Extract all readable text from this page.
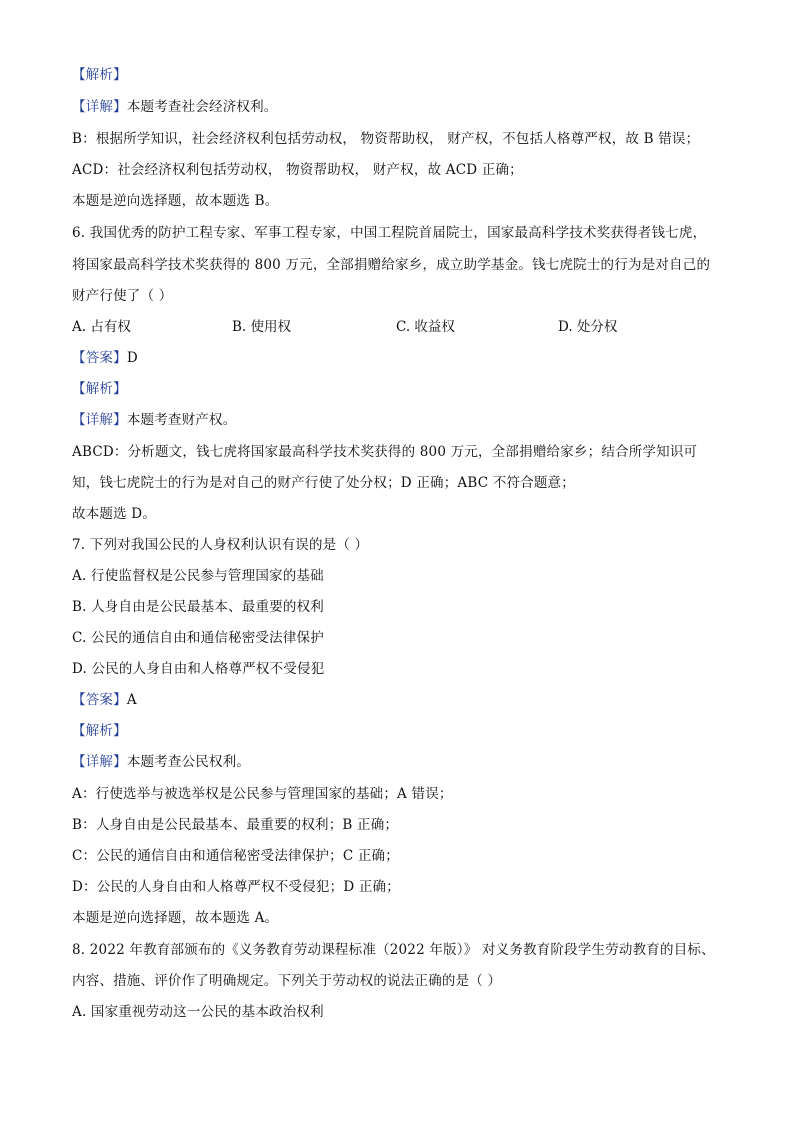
【解析】
【详解】本题考查社会经济权利。
B：根据所学知识，社会经济权利包括劳动权， 物资帮助权， 财产权，不包括人格尊严权，故 B 错误；
ACD：社会经济权利包括劳动权， 物资帮助权， 财产权，故 ACD 正确；
本题是逆向选择题，故本题选 B。
6. 我国优秀的防护工程专家、军事工程专家，中国工程院首届院士，国家最高科学技术奖获得者钱七虎，
将国家最高科学技术奖获得的 800 万元，全部捐赠给家乡，成立助学基金。钱七虎院士的行为是对自己的
财产行使了（ ）
A. 占有权	B. 使用权	C. 收益权	D. 处分权
【答案】D
【解析】
【详解】本题考查财产权。
ABCD：分析题文，钱七虎将国家最高科学技术奖获得的 800 万元，全部捐赠给家乡；结合所学知识可
知，钱七虎院士的行为是对自己的财产行使了处分权；D 正确；ABC 不符合题意；
故本题选 D。
7. 下列对我国公民的人身权利认识有误的是（ ）
A. 行使监督权是公民参与管理国家的基础
B. 人身自由是公民最基本、最重要的权利
C. 公民的通信自由和通信秘密受法律保护
D. 公民的人身自由和人格尊严权不受侵犯
【答案】A
【解析】
【详解】本题考查公民权利。
A：行使选举与被选举权是公民参与管理国家的基础；A 错误；
B：人身自由是公民最基本、最重要的权利；B 正确；
C：公民的通信自由和通信秘密受法律保护；C 正确；
D：公民的人身自由和人格尊严权不受侵犯；D 正确；
本题是逆向选择题，故本题选 A。
8. 2022 年教育部颁布的《义务教育劳动课程标准（2022 年版）》 对义务教育阶段学生劳动教育的目标、
内容、措施、评价作了明确规定。下列关于劳动权的说法正确的是（ ）
A. 国家重视劳动这一公民的基本政治权利
